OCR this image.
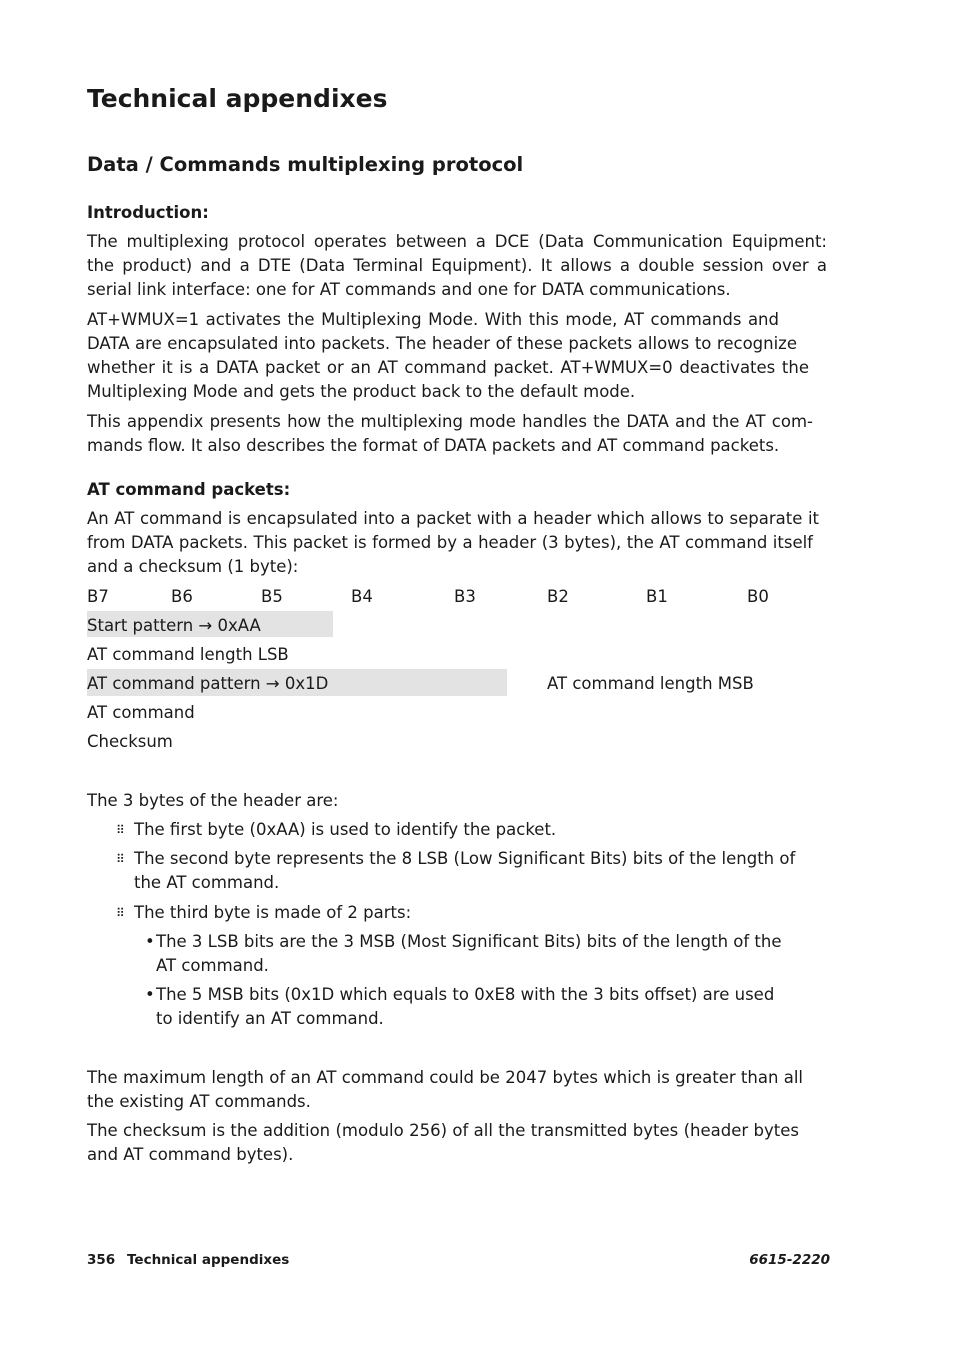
Technical appendixes
Data / Commands multiplexing protocol
Introduction:
The multiplexing protocol operates between a DCE (Data Communication Equipment:
the product) and a DTE (Data Terminal Equipment). It allows a double session over a
serial link interface: one for AT commands and one for DATA communications.
AT+WMUX=1 activates the Multiplexing Mode. With this mode, AT commands and
DATA are encapsulated into packets. The header of these packets allows to recognize
whether it is a DATA packet or an AT command packet. AT+WMUX=0 deactivates the
Multiplexing Mode and gets the product back to the default mode.
This appendix presents how the multiplexing mode handles the DATA and the AT com-
mands flow. It also describes the format of DATA packets and AT command packets.
AT command packets:
An AT command is encapsulated into a packet with a header which allows to separate it
from DATA packets. This packet is formed by a header (3 bytes), the AT command itself
and a checksum (1 byte):
B7	B6	B5	B4	B3	B2	B1	B0
Start pattern → 0xAA
AT command length LSB
AT command pattern → 0x1D	AT command length MSB
AT command
Checksum
The 3 bytes of the header are:
⠿ The first byte (0xAA) is used to identify the packet.
⠿ The second byte represents the 8 LSB (Low Significant Bits) bits of the length of
the AT command.
⠿ The third byte is made of 2 parts:
• The 3 LSB bits are the 3 MSB (Most Significant Bits) bits of the length of the
AT command.
• The 5 MSB bits (0x1D which equals to 0xE8 with the 3 bits offset) are used
to identify an AT command.
The maximum length of an AT command could be 2047 bytes which is greater than all
the existing AT commands.
The checksum is the addition (modulo 256) of all the transmitted bytes (header bytes
and AT command bytes).
356 Technical appendixes	6615-2220
